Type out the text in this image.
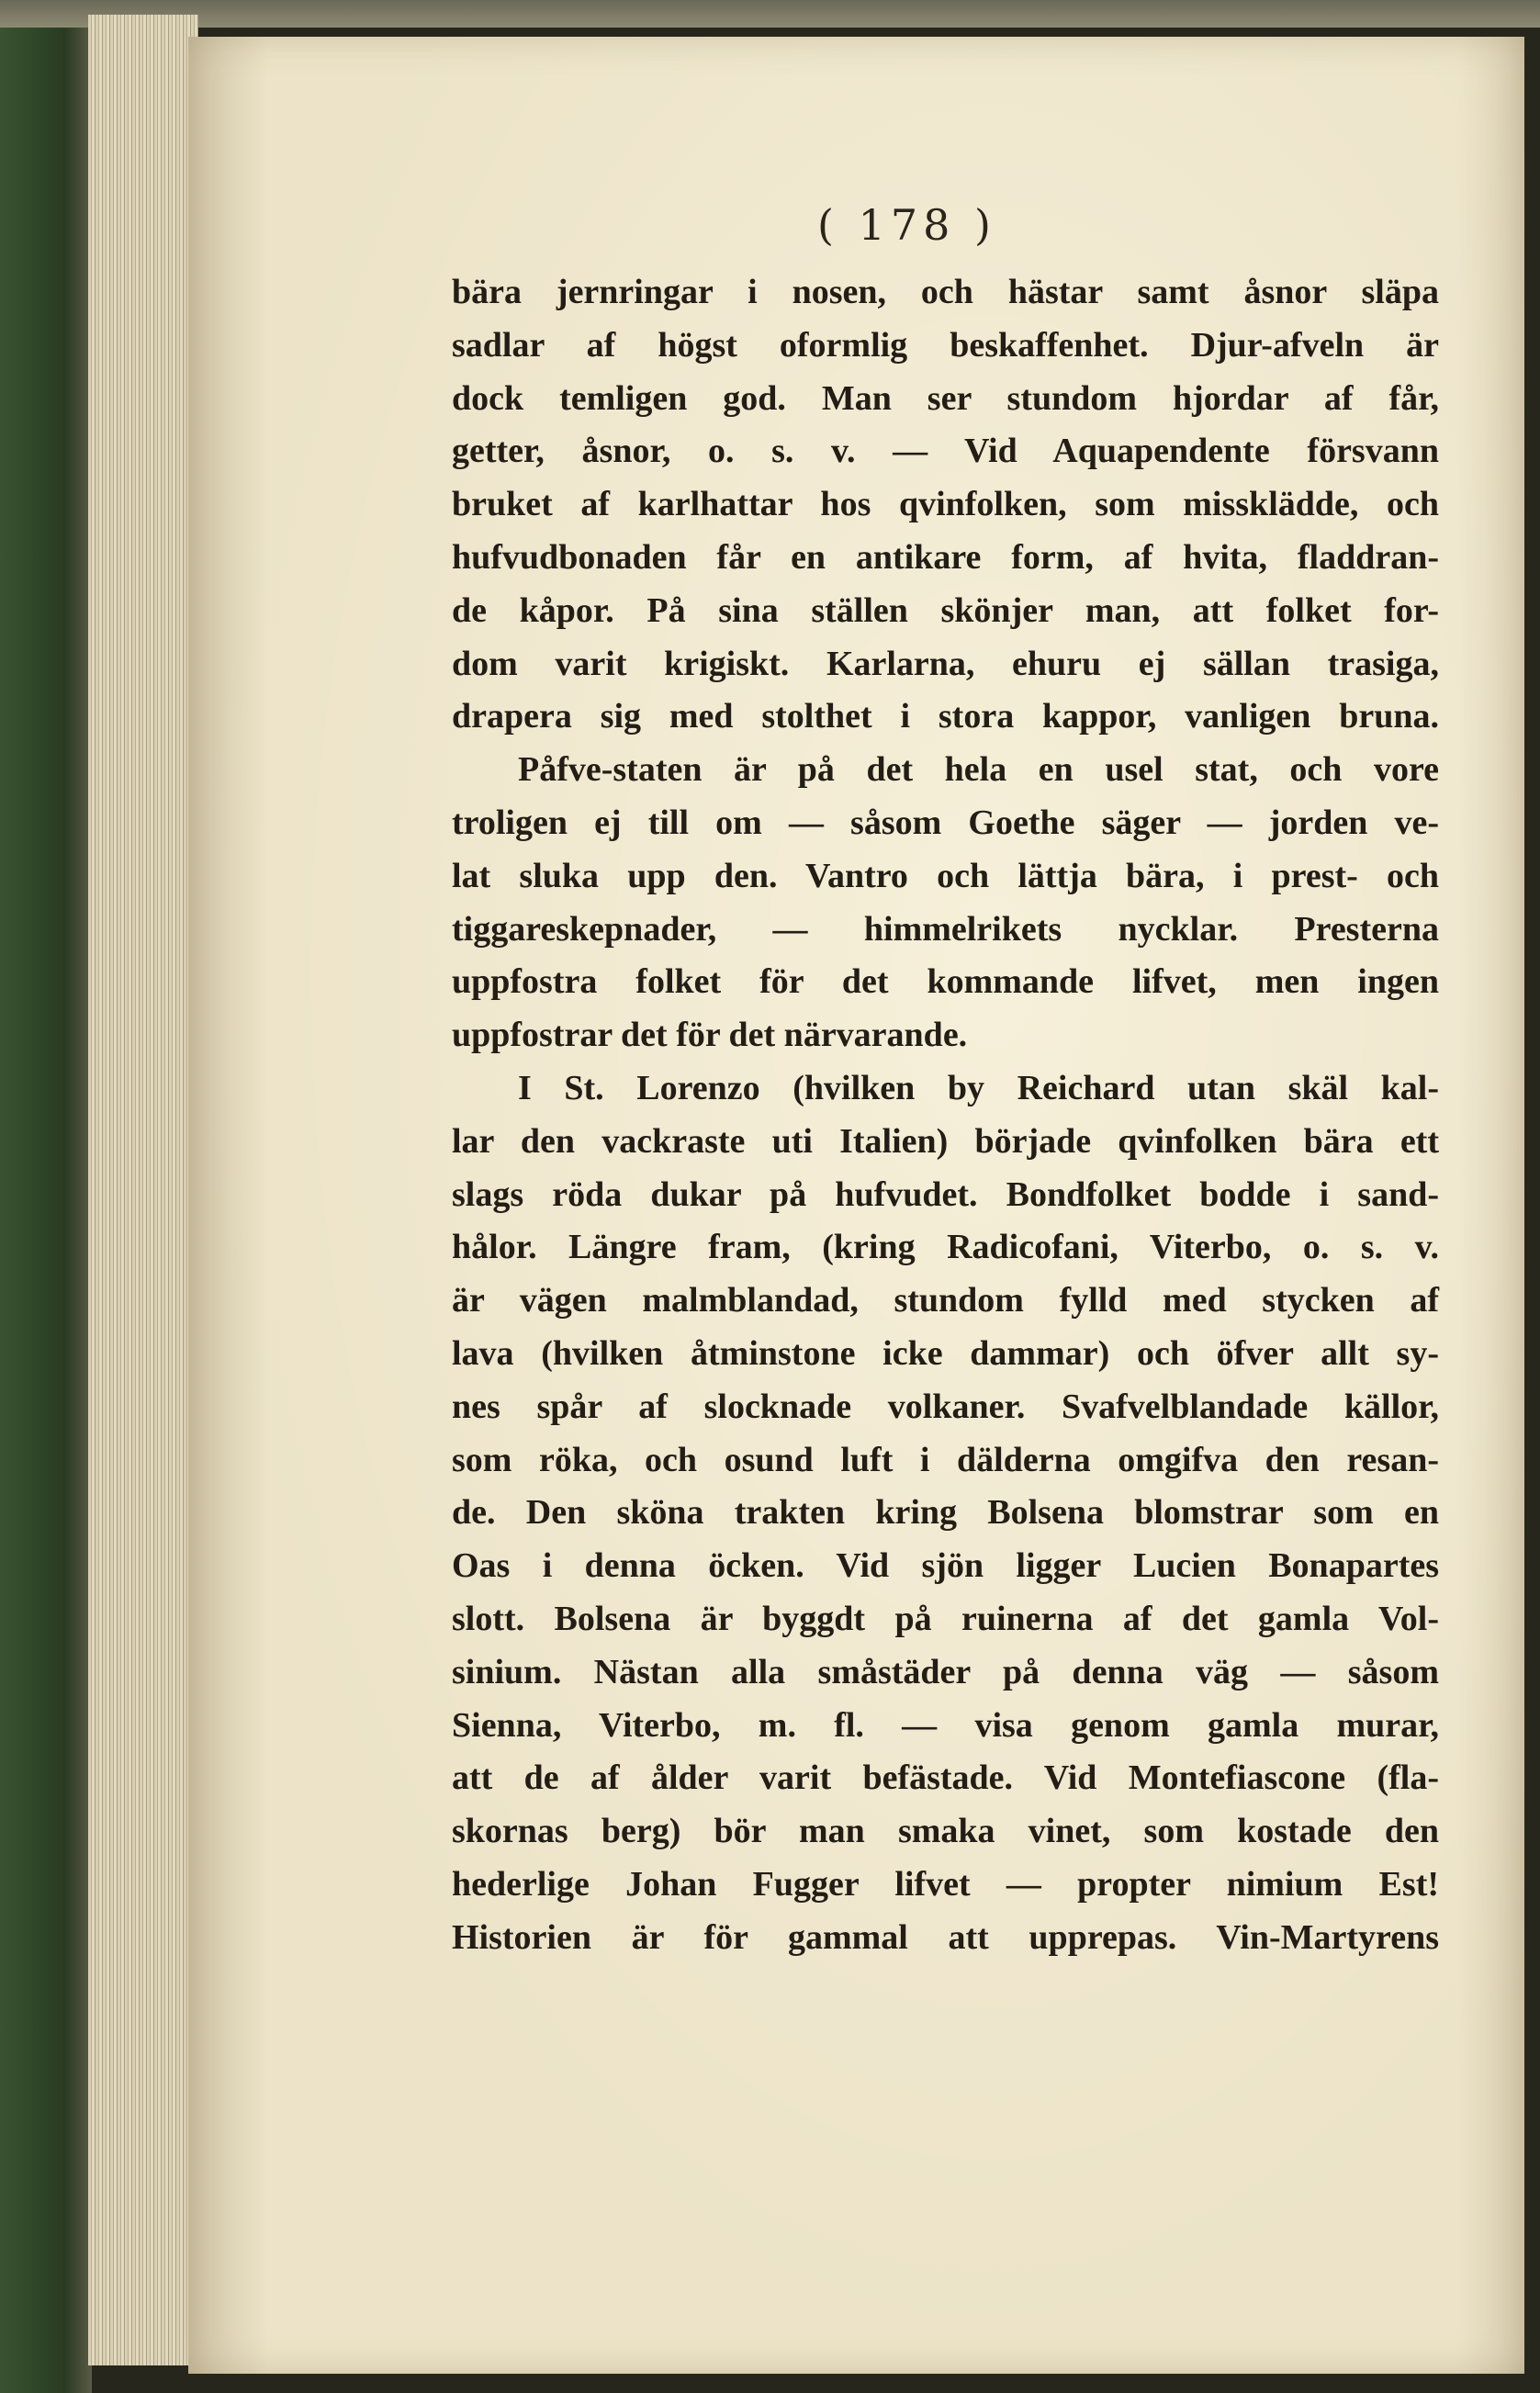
( 178 )
bära jernringar i nosen, och hästar samt åsnor släpa
sadlar af högst oformlig beskaffenhet. Djur-afveln är
dock temligen god. Man ser stundom hjordar af får,
getter, åsnor, o. s. v. — Vid Aquapendente försvann
bruket af karlhattar hos qvinfolken, som missklädde, och
hufvudbonaden får en antikare form, af hvita, fladdran-
de kåpor. På sina ställen skönjer man, att folket for-
dom varit krigiskt. Karlarna, ehuru ej sällan trasiga,
drapera sig med stolthet i stora kappor, vanligen bruna.
Påfve-staten är på det hela en usel stat, och vore
troligen ej till om — såsom Goethe säger — jorden ve-
lat sluka upp den. Vantro och lättja bära, i prest- och
tiggareskepnader, — himmelrikets nycklar. Presterna
uppfostra folket för det kommande lifvet, men ingen
uppfostrar det för det närvarande.
I St. Lorenzo (hvilken by Reichard utan skäl kal-
lar den vackraste uti Italien) började qvinfolken bära ett
slags röda dukar på hufvudet. Bondfolket bodde i sand-
hålor. Längre fram, (kring Radicofani, Viterbo, o. s. v.
är vägen malmblandad, stundom fylld med stycken af
lava (hvilken åtminstone icke dammar) och öfver allt sy-
nes spår af slocknade volkaner. Svafvelblandade källor,
som röka, och osund luft i dälderna omgifva den resan-
de. Den sköna trakten kring Bolsena blomstrar som en
Oas i denna öcken. Vid sjön ligger Lucien Bonapartes
slott. Bolsena är byggdt på ruinerna af det gamla Vol-
sinium. Nästan alla småstäder på denna väg — såsom
Sienna, Viterbo, m. fl. — visa genom gamla murar,
att de af ålder varit befästade. Vid Montefiascone (fla-
skornas berg) bör man smaka vinet, som kostade den
hederlige Johan Fugger lifvet — propter nimium Est!
Historien är för gammal att upprepas. Vin-Martyrens
